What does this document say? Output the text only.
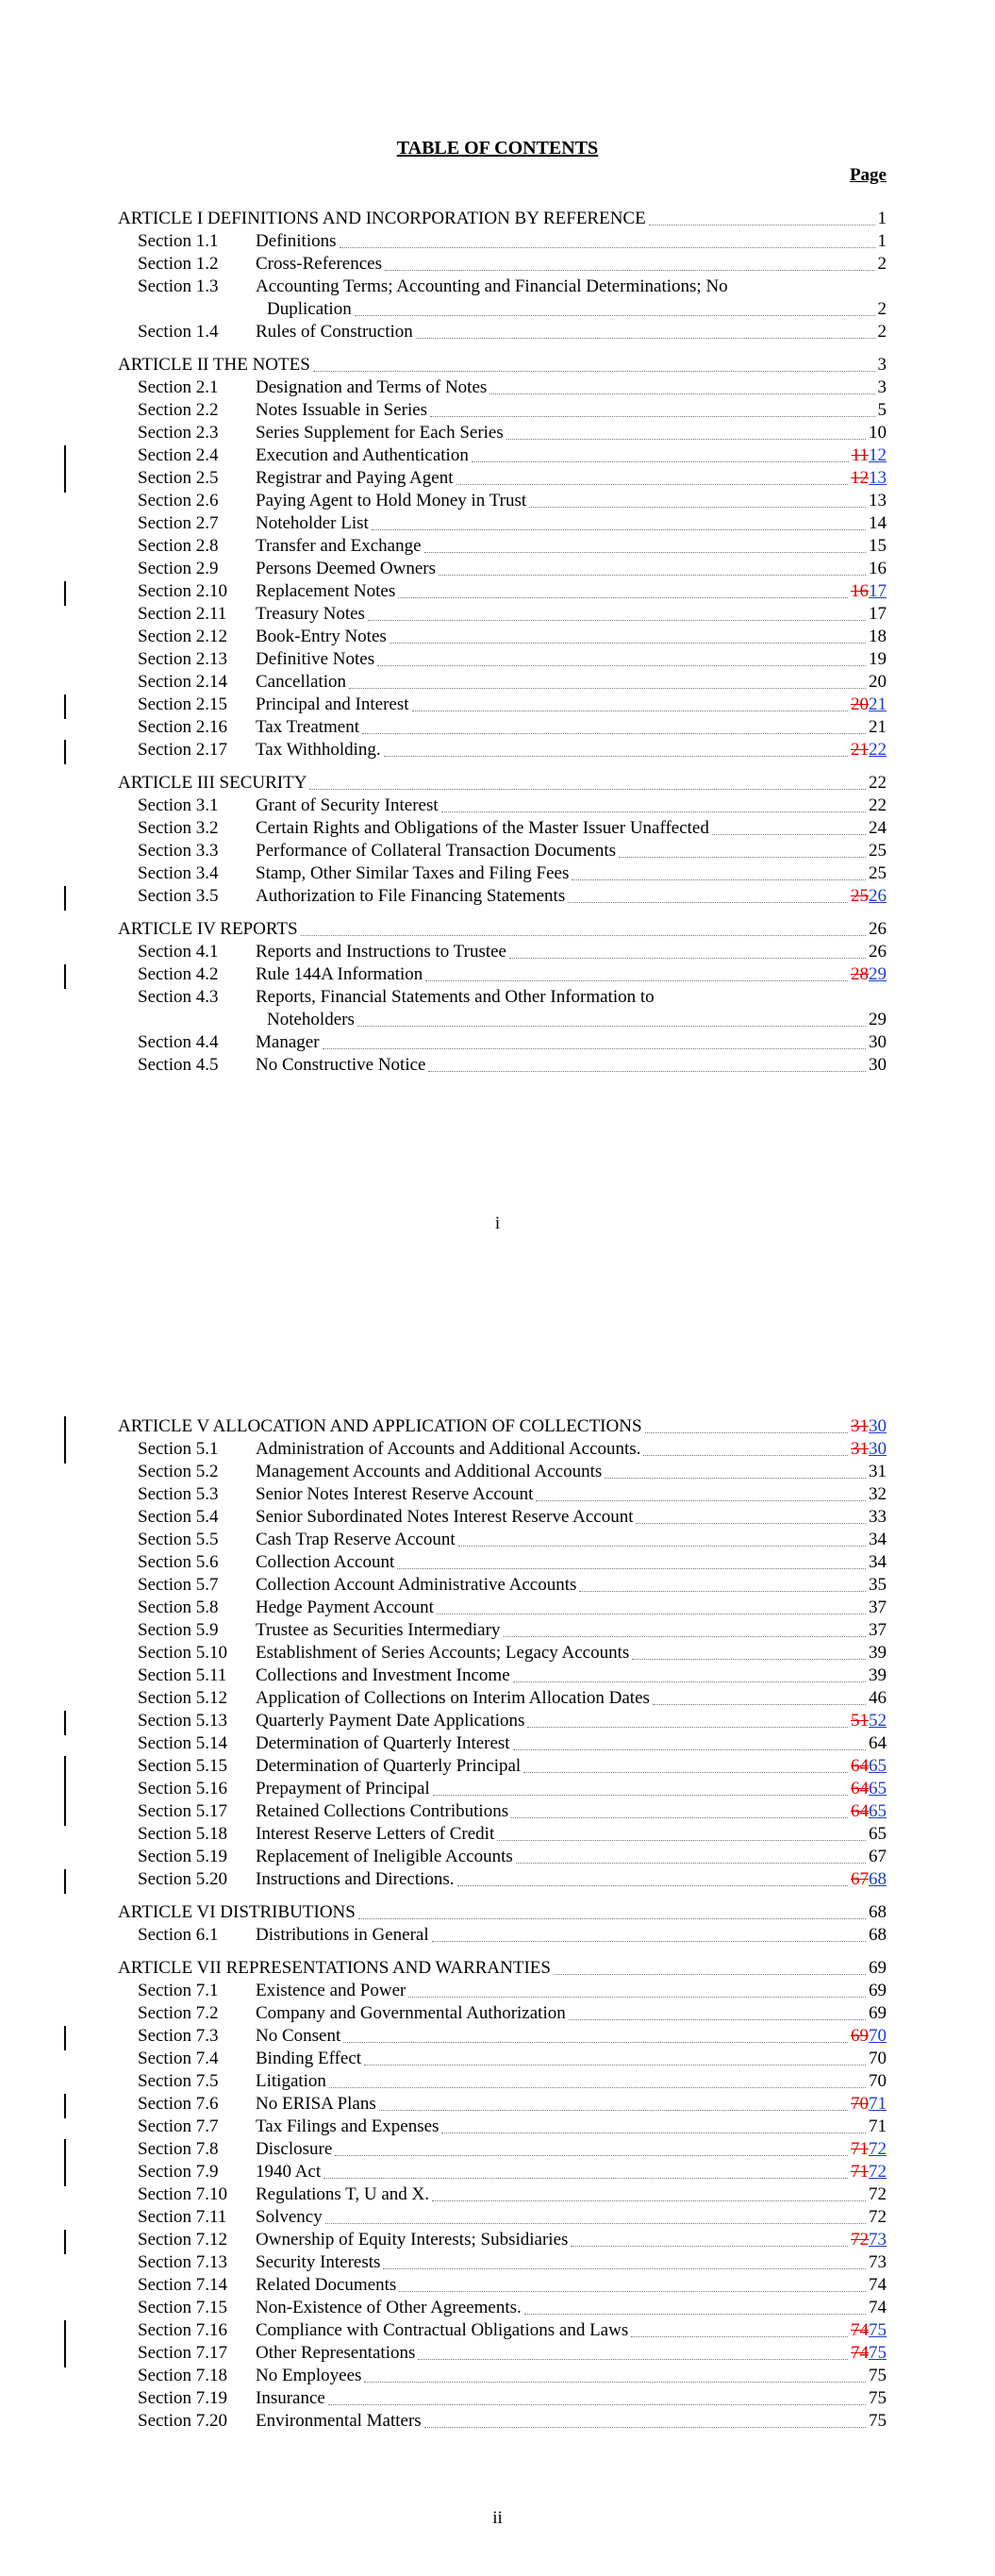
TABLE OF CONTENTS
Page
ARTICLE I DEFINITIONS AND INCORPORATION BY REFERENCE	1
Section 1.1	Definitions	1
Section 1.2	Cross-References	2
Section 1.3	Accounting Terms; Accounting and Financial Determinations; No
Duplication	2
Section 1.4	Rules of Construction	2
ARTICLE II THE NOTES	3
Section 2.1	Designation and Terms of Notes	3
Section 2.2	Notes Issuable in Series	5
Section 2.3	Series Supplement for Each Series	10
Section 2.4	Execution and Authentication	11 12
Section 2.5	Registrar and Paying Agent	12 13
Section 2.6	Paying Agent to Hold Money in Trust	13
Section 2.7	Noteholder List	14
Section 2.8	Transfer and Exchange	15
Section 2.9	Persons Deemed Owners	16
Section 2.10	Replacement Notes	16 17
Section 2.11	Treasury Notes	17
Section 2.12	Book-Entry Notes	18
Section 2.13	Definitive Notes	19
Section 2.14	Cancellation	20
Section 2.15	Principal and Interest	20 21
Section 2.16	Tax Treatment	21
Section 2.17	Tax Withholding.	21 22
ARTICLE III SECURITY	22
Section 3.1	Grant of Security Interest	22
Section 3.2	Certain Rights and Obligations of the Master Issuer Unaffected	24
Section 3.3	Performance of Collateral Transaction Documents	25
Section 3.4	Stamp, Other Similar Taxes and Filing Fees	25
Section 3.5	Authorization to File Financing Statements	25 26
ARTICLE IV REPORTS	26
Section 4.1	Reports and Instructions to Trustee	26
Section 4.2	Rule 144A Information	28 29
Section 4.3	Reports, Financial Statements and Other Information to
Noteholders	29
Section 4.4	Manager	30
Section 4.5	No Constructive Notice	30
i
ARTICLE V ALLOCATION AND APPLICATION OF COLLECTIONS	31 30
Section 5.1	Administration of Accounts and Additional Accounts.	31 30
Section 5.2	Management Accounts and Additional Accounts	31
Section 5.3	Senior Notes Interest Reserve Account	32
Section 5.4	Senior Subordinated Notes Interest Reserve Account	33
Section 5.5	Cash Trap Reserve Account	34
Section 5.6	Collection Account	34
Section 5.7	Collection Account Administrative Accounts	35
Section 5.8	Hedge Payment Account	37
Section 5.9	Trustee as Securities Intermediary	37
Section 5.10	Establishment of Series Accounts; Legacy Accounts	39
Section 5.11	Collections and Investment Income	39
Section 5.12	Application of Collections on Interim Allocation Dates	46
Section 5.13	Quarterly Payment Date Applications	51 52
Section 5.14	Determination of Quarterly Interest	64
Section 5.15	Determination of Quarterly Principal	64 65
Section 5.16	Prepayment of Principal	64 65
Section 5.17	Retained Collections Contributions	64 65
Section 5.18	Interest Reserve Letters of Credit	65
Section 5.19	Replacement of Ineligible Accounts	67
Section 5.20	Instructions and Directions.	67 68
ARTICLE VI DISTRIBUTIONS	68
Section 6.1	Distributions in General	68
ARTICLE VII REPRESENTATIONS AND WARRANTIES	69
Section 7.1	Existence and Power	69
Section 7.2	Company and Governmental Authorization	69
Section 7.3	No Consent	69 70
Section 7.4	Binding Effect	70
Section 7.5	Litigation	70
Section 7.6	No ERISA Plans	70 71
Section 7.7	Tax Filings and Expenses	71
Section 7.8	Disclosure	71 72
Section 7.9	1940 Act	71 72
Section 7.10	Regulations T, U and X.	72
Section 7.11	Solvency	72
Section 7.12	Ownership of Equity Interests; Subsidiaries	72 73
Section 7.13	Security Interests	73
Section 7.14	Related Documents	74
Section 7.15	Non-Existence of Other Agreements.	74
Section 7.16	Compliance with Contractual Obligations and Laws	74 75
Section 7.17	Other Representations	74 75
Section 7.18	No Employees	75
Section 7.19	Insurance	75
Section 7.20	Environmental Matters	75
ii
